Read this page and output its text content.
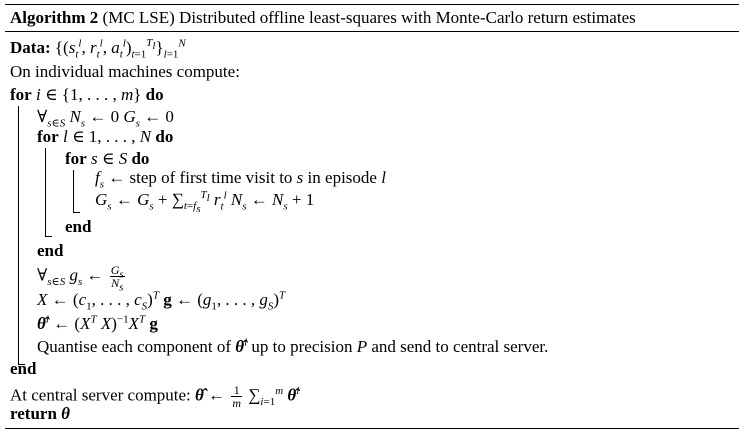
Algorithm 2 (MC LSE) Distributed offline least-squares with Monte-Carlo return estimates
Data: {($s_t^l$, $r_t^l$, $a_t^l)_{t=1}^{T_l}\}_{l=1}^N$
On individual machines compute:
for i ∈ {1, . . . , m} do
$\forall_{s\in S}$ $N_s$ ← 0 $G_s$ ← 0
for l ∈ 1, . . . , N do
for s ∈ S do
$f_s$ ← step of first time visit to s in episode l
$G_s$ ← $G_s + \sum_{t=f_s}^{T_l}$ $r_t^l$ $N_s$ ← $N_s + 1$
end
end
$\forall_{s\in S}$ $g_s$ ← $\frac{G_s}{N_s}$
X ← ($c_1$, . . . , $c_S)^T$ g ← ($g_1$, . . . , $g_S)^T$
θ̂$^i$ ← ($X^T$ $X)^{-1}X^T$ g
Quantise each component of θ̂$^i$ up to precision P and send to central server.
end
At central server compute: θ̂ ← $\frac{1}{m} \sum_{i=1}^m$ θ̂$^i$
return θ
